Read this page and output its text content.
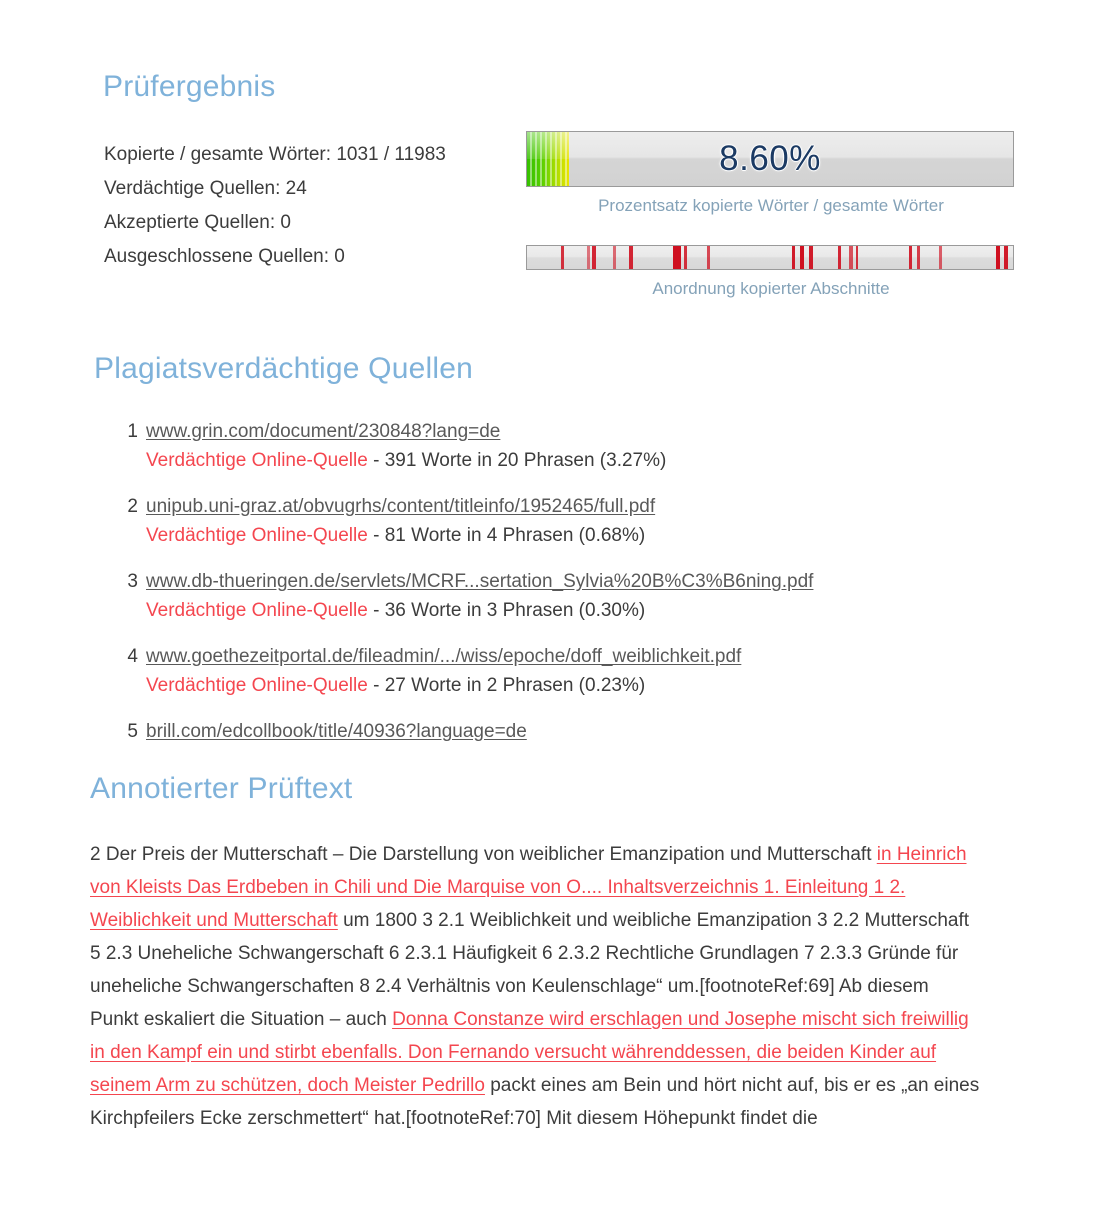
Prüfergebnis
Kopierte / gesamte Wörter: 1031 / 11983
Verdächtige Quellen: 24
Akzeptierte Quellen: 0
Ausgeschlossene Quellen: 0
8.60%
Prozentsatz kopierte Wörter / gesamte Wörter
Anordnung kopierter Abschnitte
Plagiatsverdächtige Quellen
1 www.grin.com/document/230848?lang=de
Verdächtige Online-Quelle - 391 Worte in 20 Phrasen (3.27%)
2 unipub.uni-graz.at/obvugrhs/content/titleinfo/1952465/full.pdf
Verdächtige Online-Quelle - 81 Worte in 4 Phrasen (0.68%)
3 www.db-thueringen.de/servlets/MCRF...sertation_Sylvia%20B%C3%B6ning.pdf
Verdächtige Online-Quelle - 36 Worte in 3 Phrasen (0.30%)
4 www.goethezeitportal.de/fileadmin/.../wiss/epoche/doff_weiblichkeit.pdf
Verdächtige Online-Quelle - 27 Worte in 2 Phrasen (0.23%)
5 brill.com/edcollbook/title/40936?language=de
Annotierter Prüftext
2 Der Preis der Mutterschaft – Die Darstellung von weiblicher Emanzipation und Mutterschaft in Heinrich von Kleists Das Erdbeben in Chili und Die Marquise von O.... Inhaltsverzeichnis 1. Einleitung 1 2. Weiblichkeit und Mutterschaft um 1800 3 2.1 Weiblichkeit und weibliche Emanzipation 3 2.2 Mutterschaft 5 2.3 Uneheliche Schwangerschaft 6 2.3.1 Häufigkeit 6 2.3.2 Rechtliche Grundlagen 7 2.3.3 Gründe für uneheliche Schwangerschaften 8 2.4 Verhältnis von Keulenschlage“ um.[footnoteRef:69] Ab diesem Punkt eskaliert die Situation – auch Donna Constanze wird erschlagen und Josephe mischt sich freiwillig in den Kampf ein und stirbt ebenfalls. Don Fernando versucht währenddessen, die beiden Kinder auf seinem Arm zu schützen, doch Meister Pedrillo packt eines am Bein und hört nicht auf, bis er es „an eines Kirchpfeilers Ecke zerschmettert“ hat.[footnoteRef:70] Mit diesem Höhepunkt findet die
